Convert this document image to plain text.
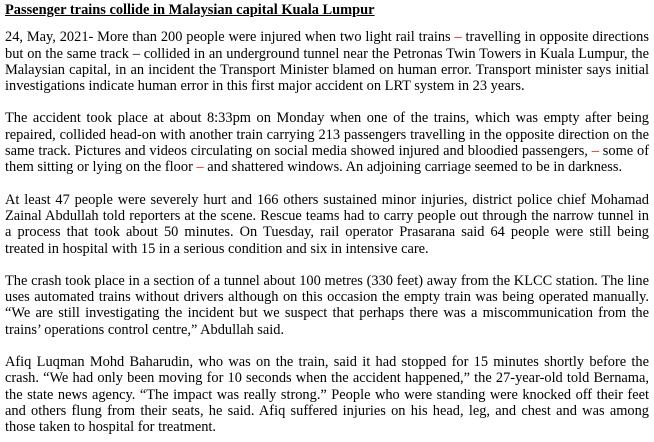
Passenger trains collide in Malaysian capital Kuala Lumpur

24, May, 2021- More than 200 people were injured when two light rail trains – travelling in opposite directions but on the same track – collided in an underground tunnel near the Petronas Twin Towers in Kuala Lumpur, the Malaysian capital, in an incident the Transport Minister blamed on human error. Transport minister says initial investigations indicate human error in this first major accident on LRT system in 23 years.

The accident took place at about 8:33pm on Monday when one of the trains, which was empty after being repaired, collided head-on with another train carrying 213 passengers travelling in the opposite direction on the same track. Pictures and videos circulating on social media showed injured and bloodied passengers, – some of them sitting or lying on the floor – and shattered windows. An adjoining carriage seemed to be in darkness.

At least 47 people were severely hurt and 166 others sustained minor injuries, district police chief Mohamad Zainal Abdullah told reporters at the scene. Rescue teams had to carry people out through the narrow tunnel in a process that took about 50 minutes. On Tuesday, rail operator Prasarana said 64 people were still being treated in hospital with 15 in a serious condition and six in intensive care.

The crash took place in a section of a tunnel about 100 metres (330 feet) away from the KLCC station. The line uses automated trains without drivers although on this occasion the empty train was being operated manually. “We are still investigating the incident but we suspect that perhaps there was a miscommunication from the trains’ operations control centre,” Abdullah said.

Afiq Luqman Mohd Baharudin, who was on the train, said it had stopped for 15 minutes shortly before the crash. “We had only been moving for 10 seconds when the accident happened,” the 27-year-old told Bernama, the state news agency. “The impact was really strong.” People who were standing were knocked off their feet and others flung from their seats, he said. Afiq suffered injuries on his head, leg, and chest and was among those taken to hospital for treatment.
